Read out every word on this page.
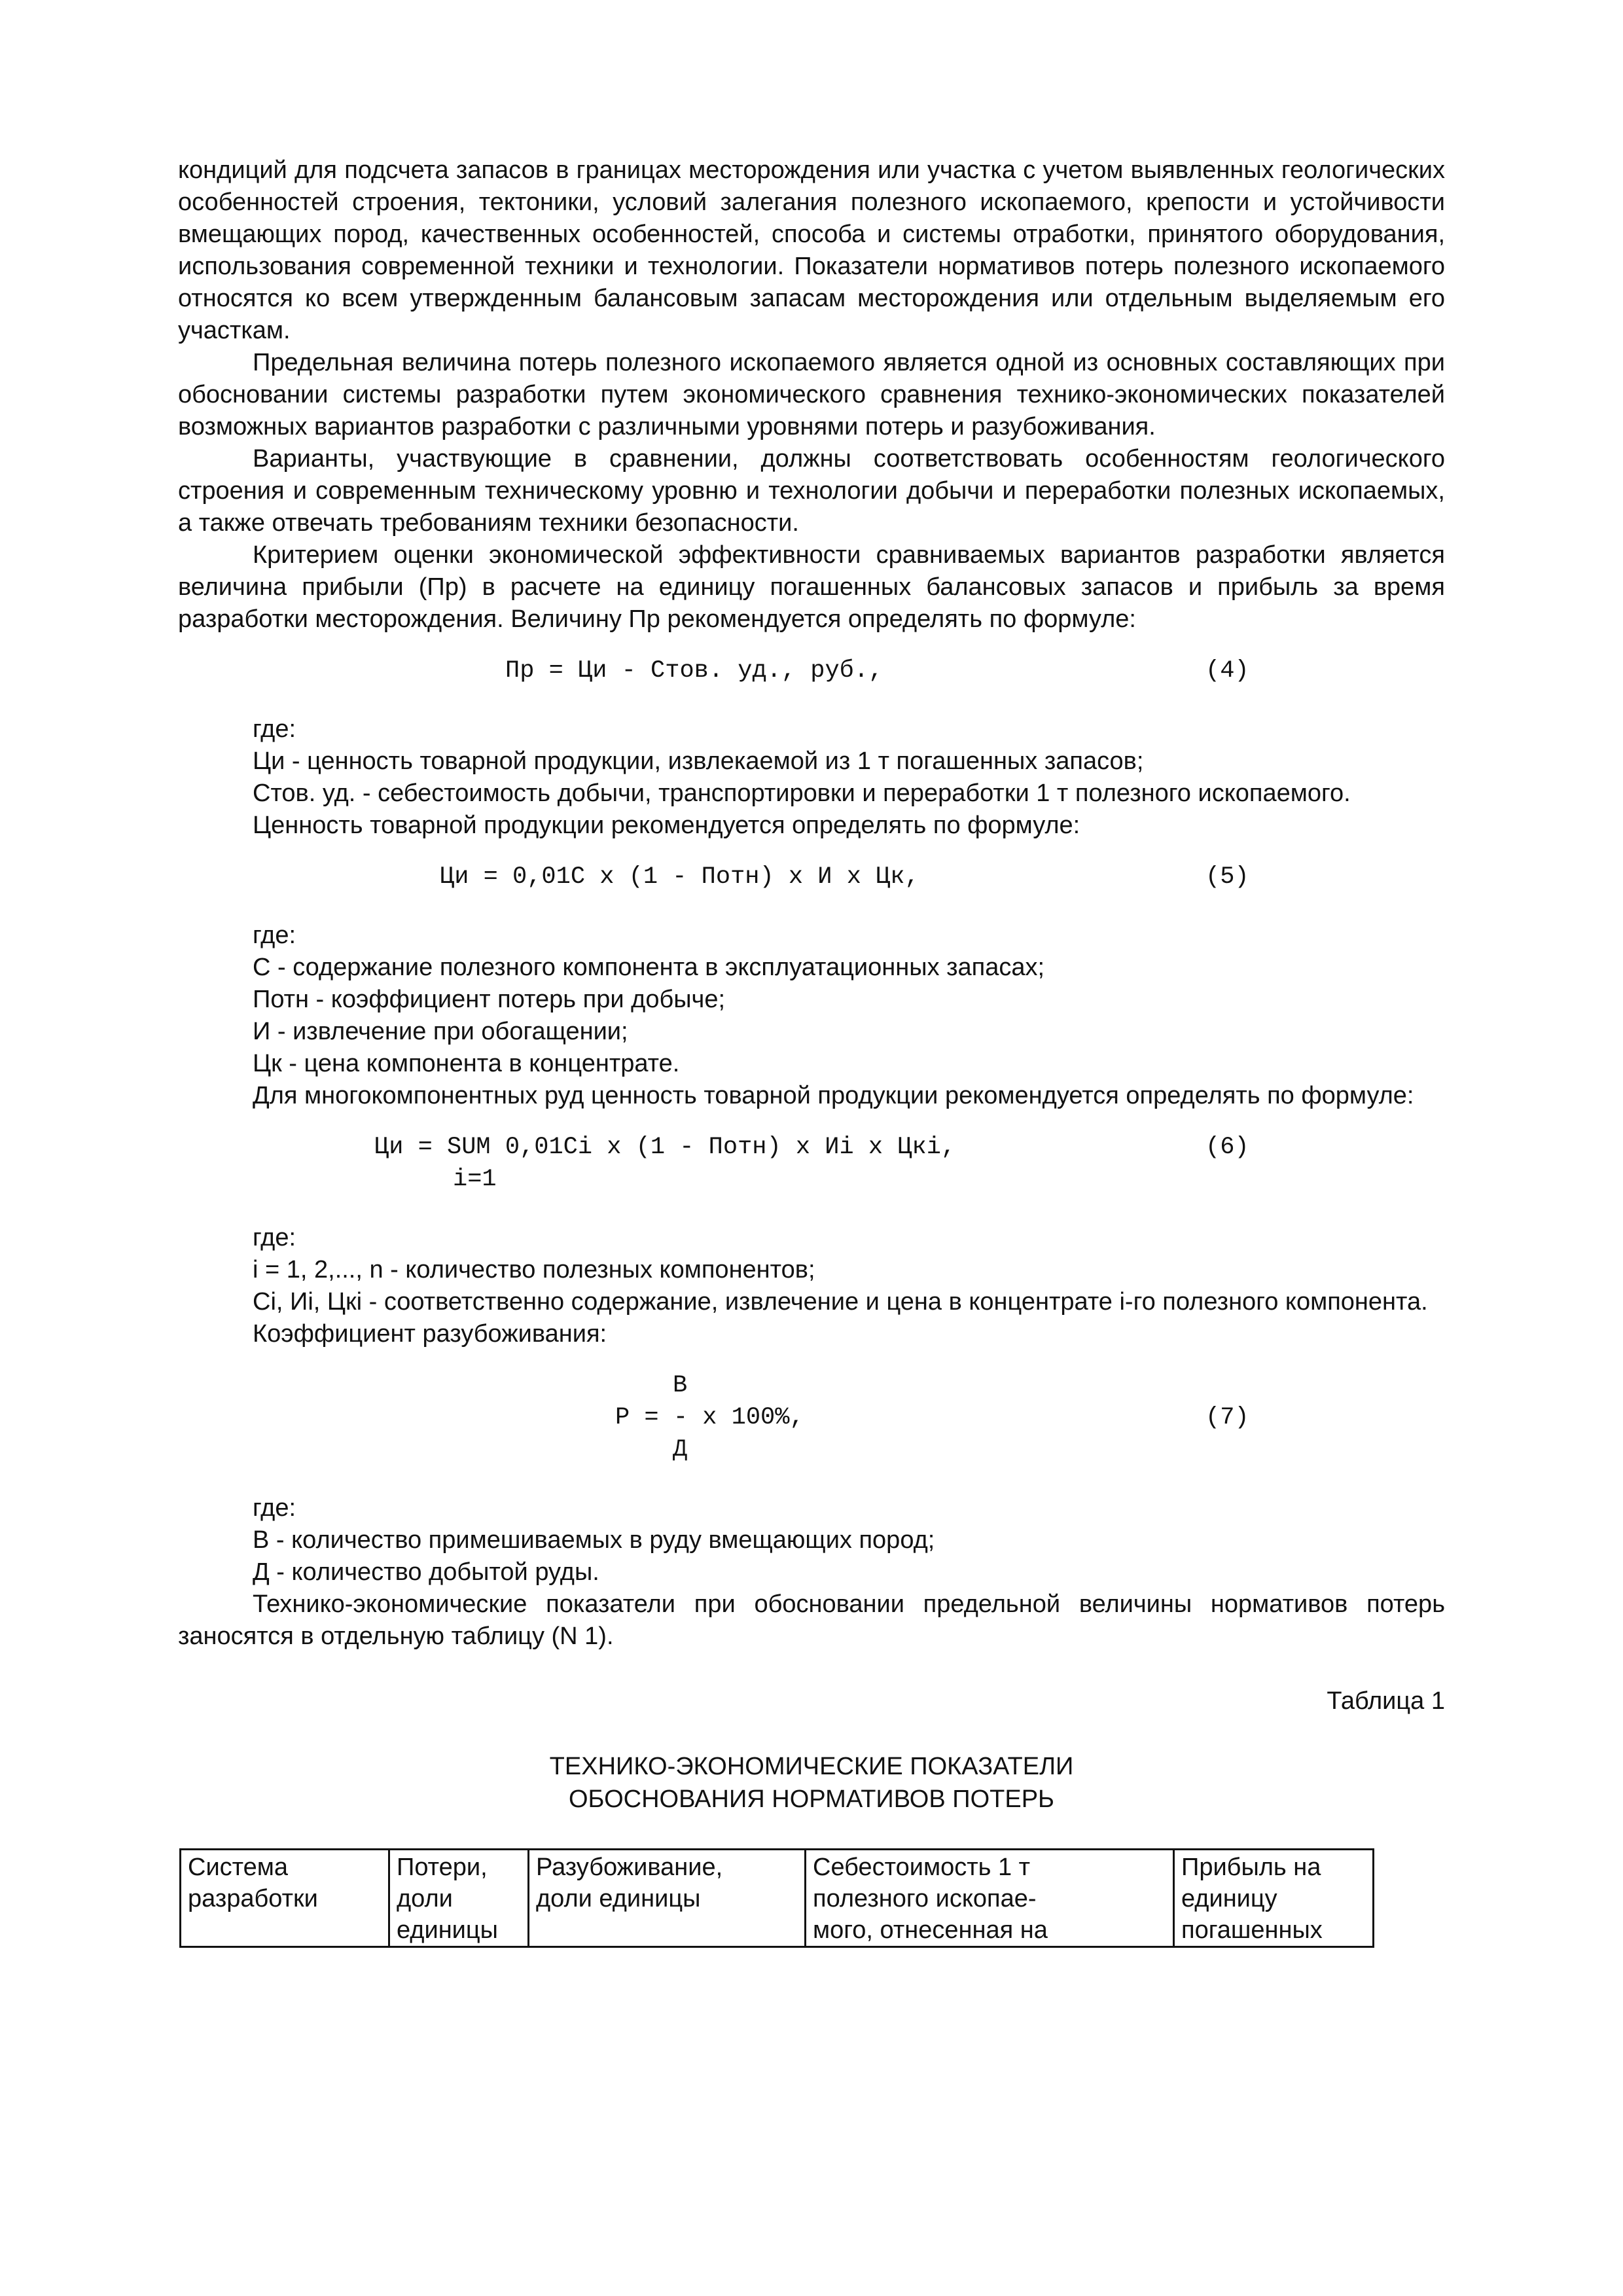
кондиций для подсчета запасов в границах месторождения или участка с учетом выявленных геологических особенностей строения, тектоники, условий залегания полезного ископаемого, крепости и устойчивости вмещающих пород, качественных особенностей, способа и системы отработки, принятого оборудования, использования современной техники и технологии. Показатели нормативов потерь полезного ископаемого относятся ко всем утвержденным балансовым запасам месторождения или отдельным выделяемым его участкам.

Предельная величина потерь полезного ископаемого является одной из основных составляющих при обосновании системы разработки путем экономического сравнения технико-экономических показателей возможных вариантов разработки с различными уровнями потерь и разубоживания.

Варианты, участвующие в сравнении, должны соответствовать особенностям геологического строения и современным техническому уровню и технологии добычи и переработки полезных ископаемых, а также отвечать требованиям техники безопасности.

Критерием оценки экономической эффективности сравниваемых вариантов разработки является величина прибыли (Пр) в расчете на единицу погашенных балансовых запасов и прибыль за время разработки месторождения. Величину Пр рекомендуется определять по формуле:

Пр = Ци - Стов. уд., руб.,

	(4)

где:

Ци - ценность товарной продукции, извлекаемой из 1 т погашенных запасов;

Стов. уд. - себестоимость добычи, транспортировки и переработки 1 т полезного ископаемого.

Ценность товарной продукции рекомендуется определять по формуле:

Ци = 0,01С х (1 - Потн) х И х Цк,

	(5)

где:

С - содержание полезного компонента в эксплуатационных запасах;

Потн - коэффициент потерь при добыче;

И - извлечение при обогащении;

Цк - цена компонента в концентрате.

Для многокомпонентных руд ценность товарной продукции рекомендуется определять по формуле:

Ци = SUM 0,01Сi х (1 - Потн) х Иi х Цкi,

i=1

(6)

где:

i = 1, 2,..., n - количество полезных компонентов;

Сi, Иi, Цкi - соответственно содержание, извлечение и цена в концентрате i-го полезного компонента.

Коэффициент разубоживания:

В

Р = - х 100%,

Д

(7)

где:

В - количество примешиваемых в руду вмещающих пород;

Д - количество добытой руды.

Технико-экономические показатели при обосновании предельной величины нормативов потерь заносятся в отдельную таблицу (N 1).

Таблица 1

ТЕХНИКО-ЭКОНОМИЧЕСКИЕ ПОКАЗАТЕЛИ
ОБОСНОВАНИЯ НОРМАТИВОВ ПОТЕРЬ
Система
разработки

Потери,
доли
единицы

Разубоживание,
доли единицы

Себестоимость 1 т
полезного ископае-
мого, отнесенная на

Прибыль на
единицу
погашенных
